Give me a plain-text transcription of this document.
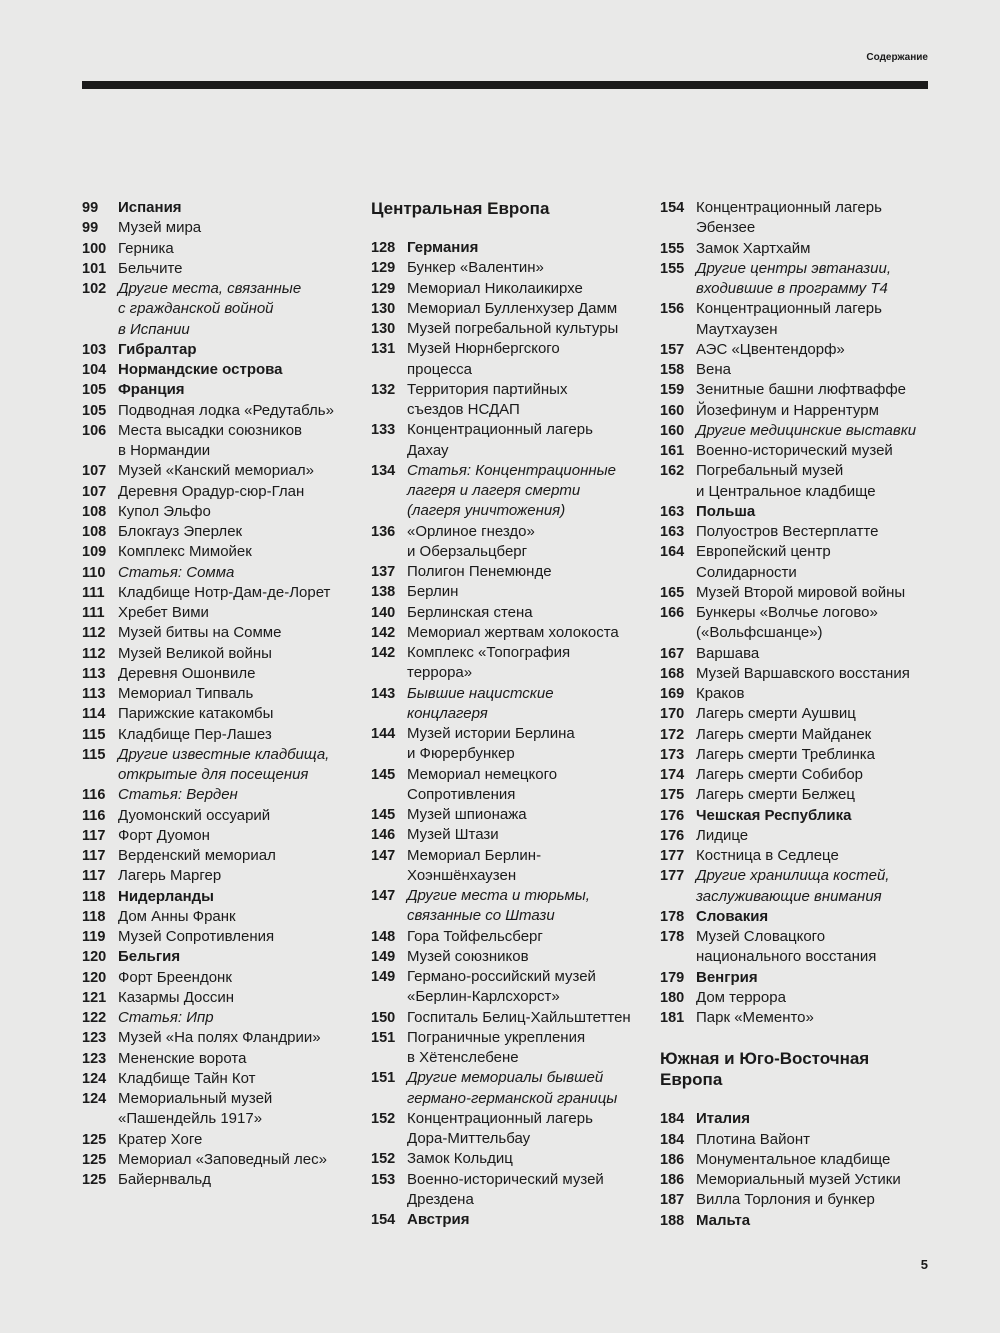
Содержание
99	Испания
99	Музей мира
100 Герника
101 Бельчите
102 Другие места, связанные
с гражданской войной
в Испании
103 Гибралтар
104 Нормандские острова
105 Франция
105 Подводная лодка «Редутабль»
106 Места высадки союзников
в Нормандии
107 Музей «Канский мемориал»
107 Деревня Орадур-сюр-Глан
108 Купол Эльфо
108 Блокгауз Эперлек
109 Комплекс Мимойек
110 Статья: Сомма
111 Кладбище Нотр-Дам-де-Лорет
111 Хребет Вими
112 Музей битвы на Сомме
112 Музей Великой войны
113 Деревня Ошонвиле
113 Мемориал Типваль
114 Парижские катакомбы
115 Кладбище Пер-Лашез
115 Другие известные кладбища,
открытые для посещения
116 Статья: Верден
116 Дуомонский оссуарий
117 Форт Дуомон
117 Верденский мемориал
117 Лагерь Маргер
118 Нидерланды
118 Дом Анны Франк
119 Музей Сопротивления
120 Бельгия
120 Форт Бреендонк
121 Казармы Доссин
122 Статья: Ипр
123 Музей «На полях Фландрии»
123 Мененские ворота
124 Кладбище Тайн Кот
124 Мемориальный музей
«Пашендейль 1917»
125 Кратер Хоге
125 Мемориал «Заповедный лес»
125 Байернвальд
Центральная Европа
128 Германия
129 Бункер «Валентин»
129 Мемориал Николаикирхе
130 Мемориал Булленхузер Дамм
130 Музей погребальной культуры
131 Музей Нюрнбергского
процесса
132 Территория партийных
съездов НСДАП
133 Концентрационный лагерь
Дахау
134 Статья: Концентрационные
лагеря и лагеря смерти
(лагеря уничтожения)
136 «Орлиное гнездо»
и Оберзальцберг
137 Полигон Пенемюнде
138 Берлин
140 Берлинская стена
142 Мемориал жертвам холокоста
142 Комплекс «Топография
террора»
143 Бывшие нацистские
концлагеря
144 Музей истории Берлина
и Фюрербункер
145 Мемориал немецкого
Сопротивления
145 Музей шпионажа
146 Музей Штази
147 Мемориал Берлин-
Хоэншёнхаузен
147 Другие места и тюрьмы,
связанные со Штази
148 Гора Тойфельсберг
149 Музей союзников
149 Германо-российский музей
«Берлин-Карлсхорст»
150 Госпиталь Белиц-Хайльштеттен
151 Пограничные укрепления
в Хётенслебене
151 Другие мемориалы бывшей
германо-германской границы
152 Концентрационный лагерь
Дора-Миттельбау
152 Замок Кольдиц
153 Военно-исторический музей
Дрездена
154 Австрия
154 Концентрационный лагерь
Эбензее
155 Замок Хартхайм
155 Другие центры эвтаназии,
входившие в программу Т4
156 Концентрационный лагерь
Маутхаузен
157 АЭС «Цвентендорф»
158 Вена
159 Зенитные башни люфтваффе
160 Йозефинум и Наррентурм
160 Другие медицинские выставки
161 Военно-исторический музей
162 Погребальный музей
и Центральное кладбище
163 Польша
163 Полуостров Вестерплатте
164 Европейский центр
Солидарности
165 Музей Второй мировой войны
166 Бункеры «Волчье логово»
(«Вольфсшанце»)
167 Варшава
168 Музей Варшавского восстания
169 Краков
170 Лагерь смерти Аушвиц
172 Лагерь смерти Майданек
173 Лагерь смерти Треблинка
174 Лагерь смерти Собибор
175 Лагерь смерти Белжец
176 Чешская Республика
176 Лидице
177 Костница в Седлеце
177 Другие хранилища костей,
заслуживающие внимания
178 Словакия
178 Музей Словацкого
национального восстания
179 Венгрия
180 Дом террора
181 Парк «Мементо»
Южная и Юго-Восточная
Европа
184 Италия
184 Плотина Вайонт
186 Монументальное кладбище
186 Мемориальный музей Устики
187 Вилла Торлония и бункер
188 Мальта
5
